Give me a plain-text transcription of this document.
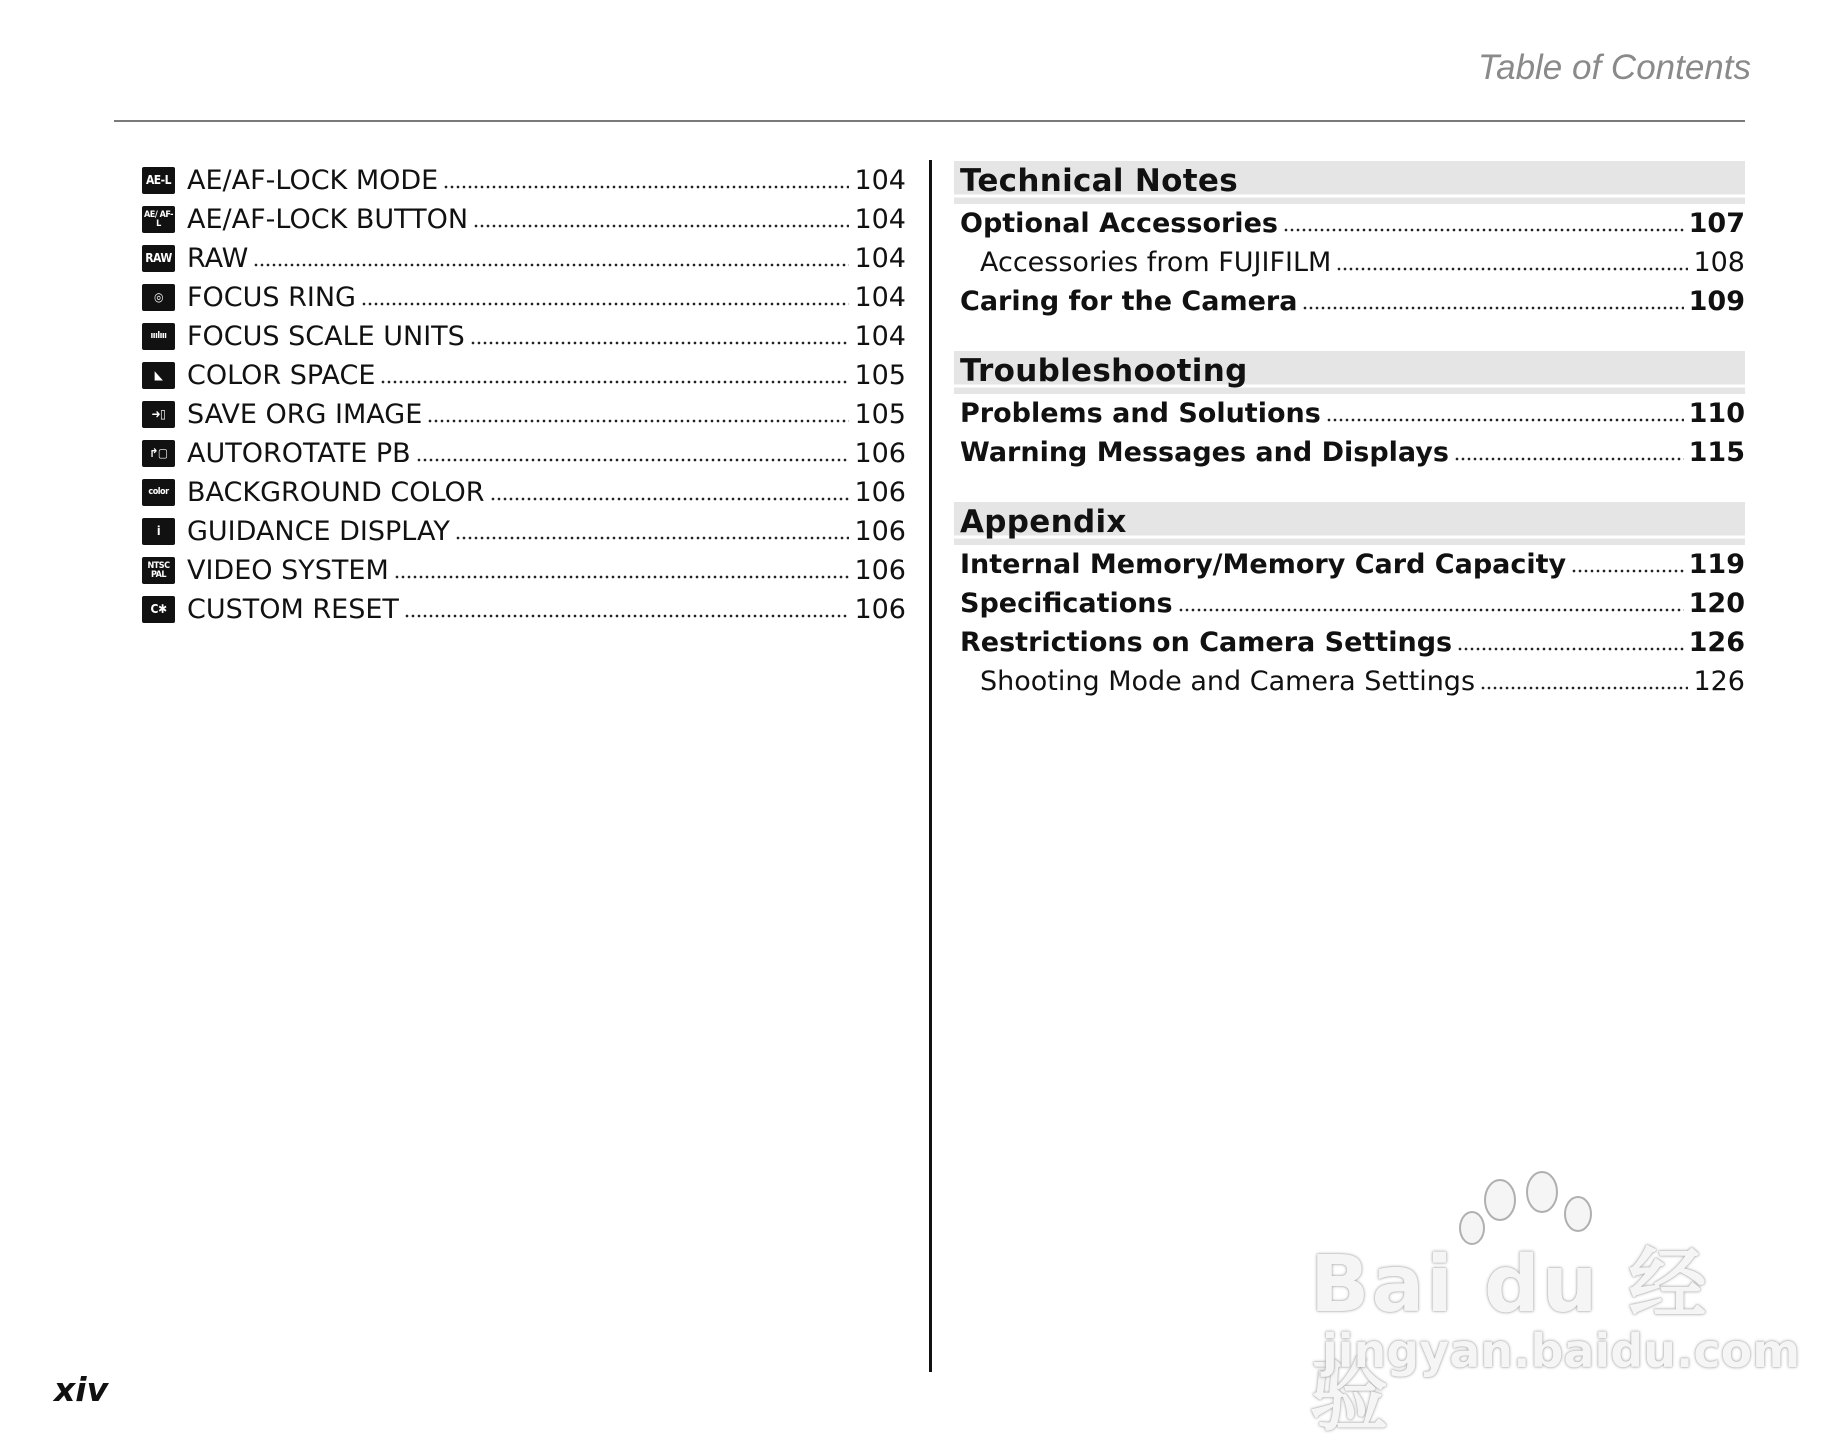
Table of Contents
AE-L AE/AF-LOCK MODE	104
AE/ AF-L AE/AF-LOCK BUTTON	104
RAW RAW	104
◎ FOCUS RING	104
ııılııı FOCUS SCALE UNITS	104
◣ COLOR SPACE	105
➜▯ SAVE ORG IMAGE	105
↱▢ AUTOROTATE PB	106
color BACKGROUND COLOR	106
i GUIDANCE DISPLAY	106
NTSC PAL VIDEO SYSTEM	106
C✱ CUSTOM RESET	106
Technical Notes
Optional Accessories	107
Accessories from FUJIFILM	108
Caring for the Camera	109
Troubleshooting
Problems and Solutions	110
Warning Messages and Displays	115
Appendix
Internal Memory/Memory Card Capacity	119
Specifications	120
Restrictions on Camera Settings	126
Shooting Mode and Camera Settings	126
xiv
Bai du 经验
jingyan.baidu.com
